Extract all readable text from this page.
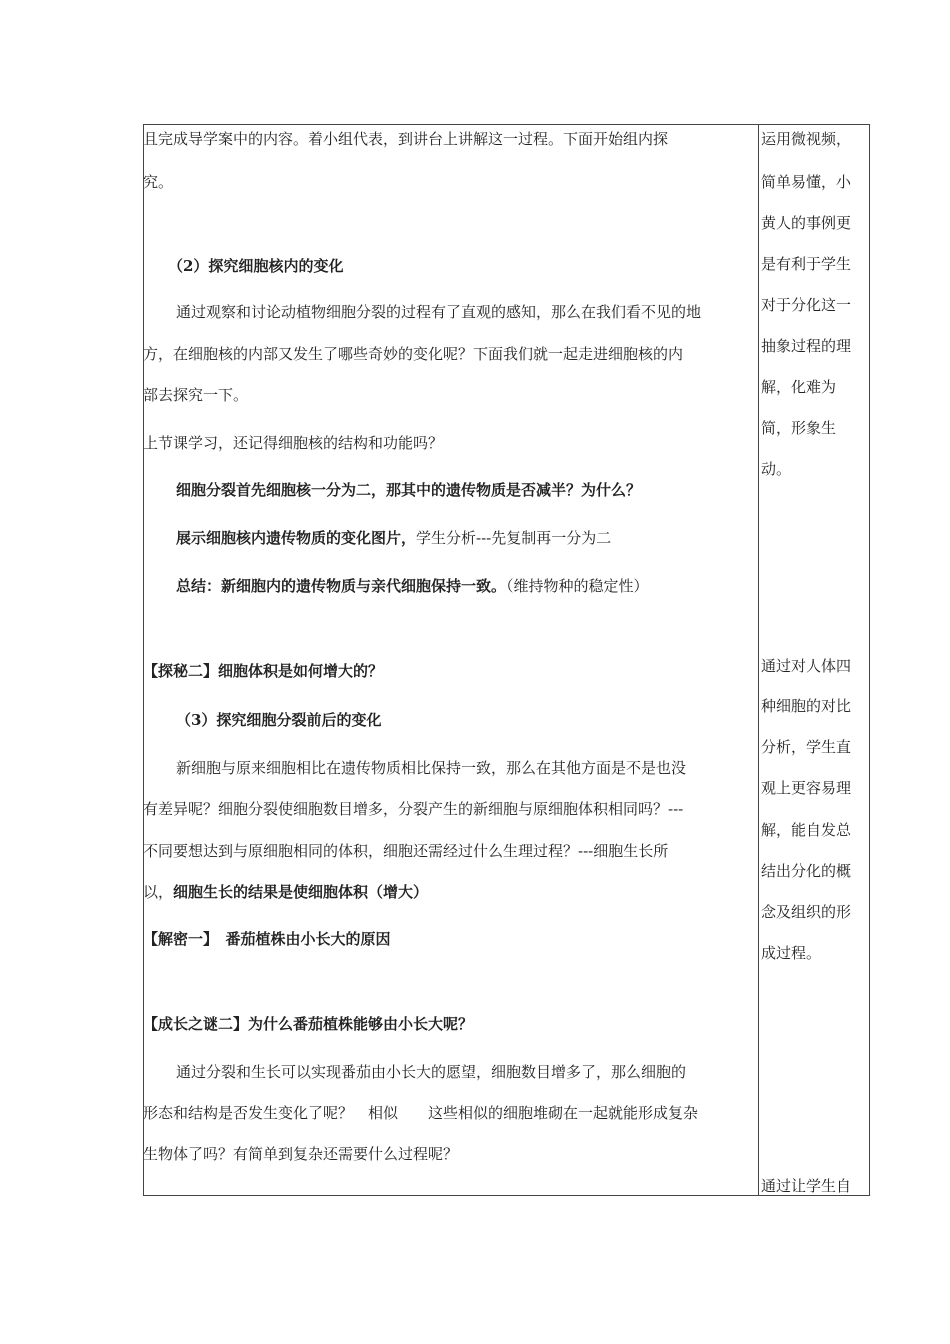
且完成导学案中的内容。着小组代表，到讲台上讲解这一过程。下面开始组内探
究。
（2）探究细胞核内的变化
通过观察和讨论动植物细胞分裂的过程有了直观的感知，那么在我们看不见的地
方，在细胞核的内部又发生了哪些奇妙的变化呢？下面我们就一起走进细胞核的内
部去探究一下。
上节课学习，还记得细胞核的结构和功能吗？
细胞分裂首先细胞核一分为二，那其中的遗传物质是否减半？为什么？
展示细胞核内遗传物质的变化图片，学生分析---先复制再一分为二
总结：新细胞内的遗传物质与亲代细胞保持一致。（维持物种的稳定性）
【探秘二】细胞体积是如何增大的？
（3）探究细胞分裂前后的变化
新细胞与原来细胞相比在遗传物质相比保持一致，那么在其他方面是不是也没
有差异呢？细胞分裂使细胞数目增多，分裂产生的新细胞与原细胞体积相同吗？---
不同要想达到与原细胞相同的体积，细胞还需经过什么生理过程？---细胞生长所
以，细胞生长的结果是使细胞体积（增大）
【解密一】　番茄植株由小长大的原因
【成长之谜二】为什么番茄植株能够由小长大呢？
通过分裂和生长可以实现番茄由小长大的愿望，细胞数目增多了，那么细胞的
形态和结构是否发生变化了呢？　相似　　这些相似的细胞堆砌在一起就能形成复杂
生物体了吗？有简单到复杂还需要什么过程呢？
运用微视频，
简单易懂，小
黄人的事例更
是有利于学生
对于分化这一
抽象过程的理
解，化难为
简，形象生
动。
通过对人体四
种细胞的对比
分析，学生直
观上更容易理
解，能自发总
结出分化的概
念及组织的形
成过程。
通过让学生自
